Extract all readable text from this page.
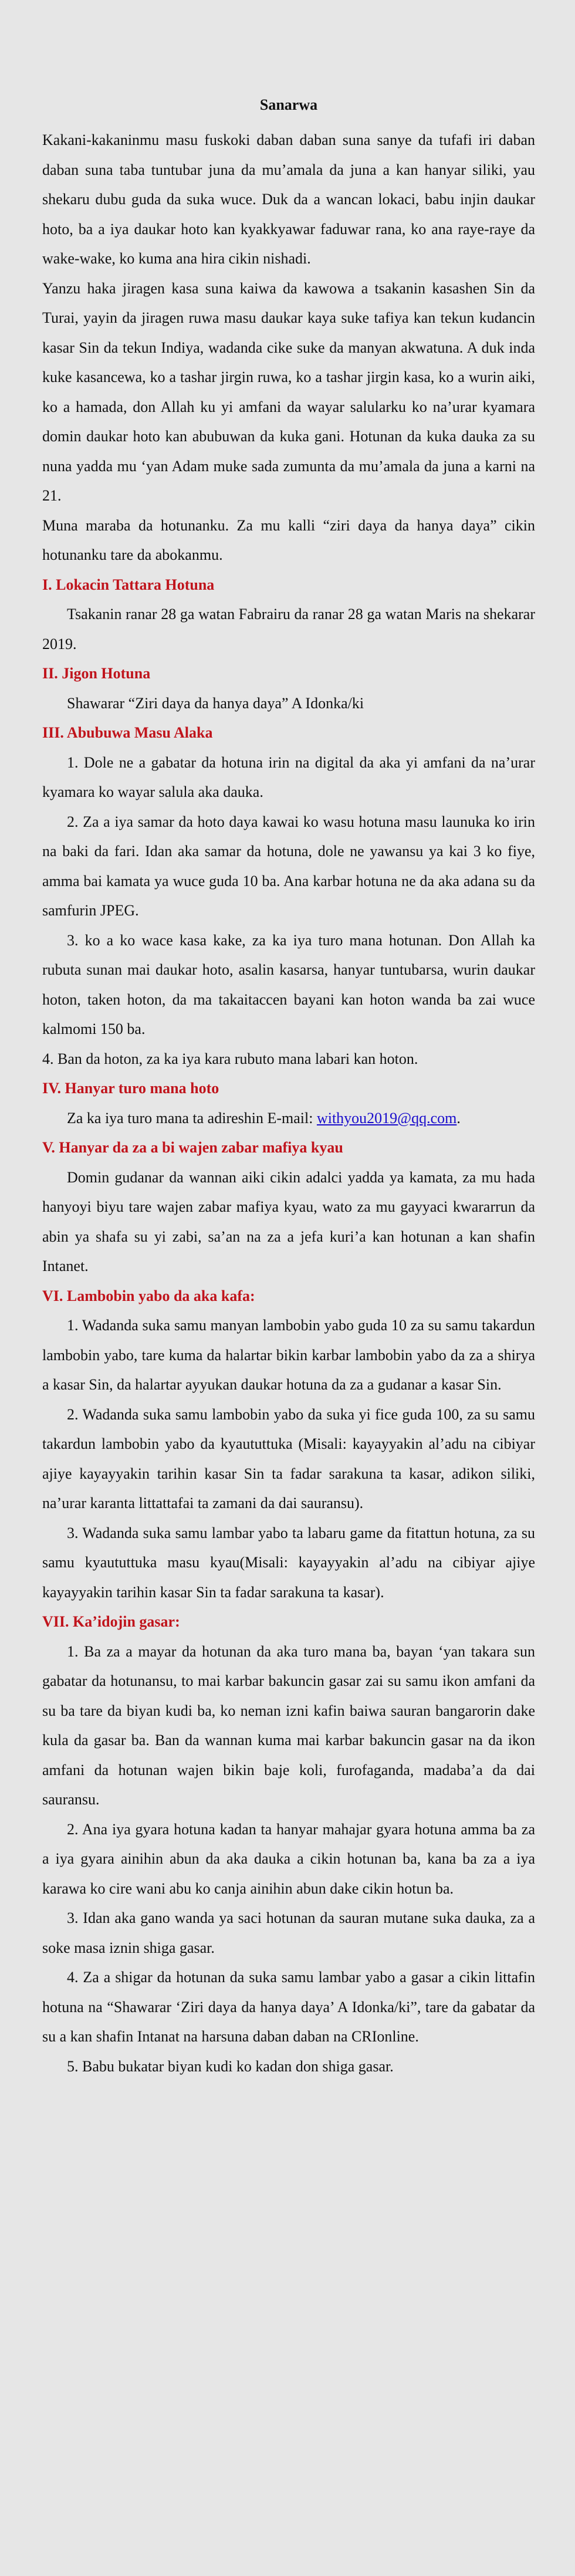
Sanarwa

Kakani-kakaninmu masu fuskoki daban daban suna sanye da tufafi iri daban daban suna taba tuntubar juna da mu’amala da juna a kan hanyar siliki, yau shekaru dubu guda da suka wuce. Duk da a wancan lokaci, babu injin daukar hoto, ba a iya daukar hoto kan kyakkyawar faduwar rana, ko ana raye-raye da wake-wake, ko kuma ana hira cikin nishadi.

Yanzu haka jiragen kasa suna kaiwa da kawowa a tsakanin kasashen Sin da Turai, yayin da jiragen ruwa masu daukar kaya suke tafiya kan tekun kudancin kasar Sin da tekun Indiya, wadanda cike suke da manyan akwatuna. A duk inda kuke kasancewa, ko a tashar jirgin ruwa, ko a tashar jirgin kasa, ko a wurin aiki, ko a hamada, don Allah ku yi amfani da wayar salularku ko na’urar kyamara domin daukar hoto kan abubuwan da kuka gani. Hotunan da kuka dauka za su nuna yadda mu ‘yan Adam muke sada zumunta da mu’amala da juna a karni na 21.

Muna maraba da hotunanku. Za mu kalli “ziri daya da hanya daya” cikin hotunanku tare da abokanmu.

I. Lokacin Tattara Hotuna

Tsakanin ranar 28 ga watan Fabrairu da ranar 28 ga watan Maris na shekarar 2019.

II. Jigon Hotuna

Shawarar “Ziri daya da hanya daya” A Idonka/ki

III. Abubuwa Masu Alaka

1. Dole ne a gabatar da hotuna irin na digital da aka yi amfani da na’urar kyamara ko wayar salula aka dauka.

2. Za a iya samar da hoto daya kawai ko wasu hotuna masu launuka ko irin na baki da fari. Idan aka samar da hotuna, dole ne yawansu ya kai 3 ko fiye, amma bai kamata ya wuce guda 10 ba. Ana karbar hotuna ne da aka adana su da samfurin JPEG.

3. ko a ko wace kasa kake, za ka iya turo mana hotunan. Don Allah ka rubuta sunan mai daukar hoto, asalin kasarsa, hanyar tuntubarsa, wurin daukar hoton, taken hoton, da ma takaitaccen bayani kan hoton wanda ba zai wuce kalmomi 150 ba.

4. Ban da hoton, za ka iya kara rubuto mana labari kan hoton.

IV. Hanyar turo mana hoto

Za ka iya turo mana ta adireshin E-mail: withyou2019@qq.com.

V. Hanyar da za a bi wajen zabar mafiya kyau

Domin gudanar da wannan aiki cikin adalci yadda ya kamata, za mu hada hanyoyi biyu tare wajen zabar mafiya kyau, wato za mu gayyaci kwararrun da abin ya shafa su yi zabi, sa’an na za a jefa kuri’a kan hotunan a kan shafin Intanet.

VI. Lambobin yabo da aka kafa:

1. Wadanda suka samu manyan lambobin yabo guda 10 za su samu takardun lambobin yabo, tare kuma da halartar bikin karbar lambobin yabo da za a shirya a kasar Sin, da halartar ayyukan daukar hotuna da za a gudanar a kasar Sin.

2. Wadanda suka samu lambobin yabo da suka yi fice guda 100, za su samu takardun lambobin yabo da kyaututtuka (Misali: kayayyakin al’adu na cibiyar ajiye kayayyakin tarihin kasar Sin ta fadar sarakuna ta kasar, adikon siliki, na’urar karanta littattafai ta zamani da dai sauransu).

3. Wadanda suka samu lambar yabo ta labaru game da fitattun hotuna, za su samu kyaututtuka masu kyau(Misali: kayayyakin al’adu na cibiyar ajiye kayayyakin tarihin kasar Sin ta fadar sarakuna ta kasar).

VII. Ka’idojin gasar:

1. Ba za a mayar da hotunan da aka turo mana ba, bayan ‘yan takara sun gabatar da hotunansu, to mai karbar bakuncin gasar zai su samu ikon amfani da su ba tare da biyan kudi ba, ko neman izni kafin baiwa sauran bangarorin dake kula da gasar ba. Ban da wannan kuma mai karbar bakuncin gasar na da ikon amfani da hotunan wajen bikin baje koli, furofaganda, madaba’a da dai sauransu.

2. Ana iya gyara hotuna kadan ta hanyar mahajar gyara hotuna amma ba za a iya gyara ainihin abun da aka dauka a cikin hotunan ba, kana ba za a iya karawa ko cire wani abu ko canja ainihin abun dake cikin hotun ba.

3. Idan aka gano wanda ya saci hotunan da sauran mutane suka dauka, za a soke masa iznin shiga gasar.

4. Za a shigar da hotunan da suka samu lambar yabo a gasar a cikin littafin hotuna na “Shawarar ‘Ziri daya da hanya daya’ A Idonka/ki”, tare da gabatar da su a kan shafin Intanat na harsuna daban daban na CRIonline.

5. Babu bukatar biyan kudi ko kadan don shiga gasar.
